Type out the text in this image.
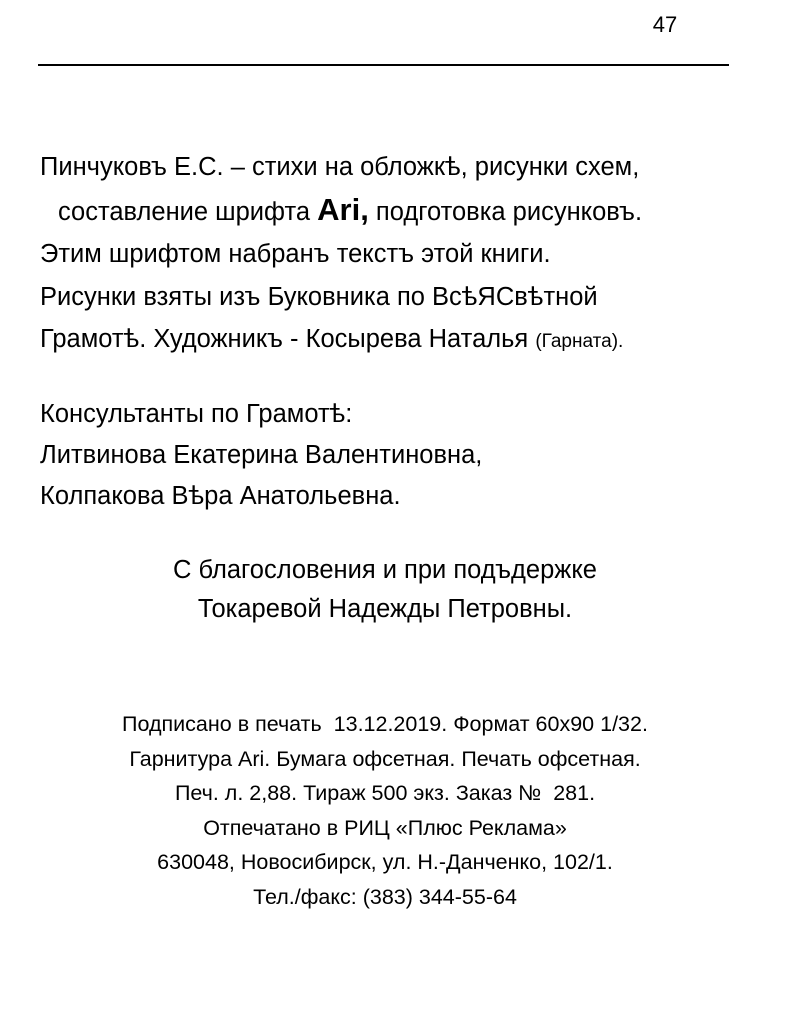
47
Пинчуковъ Е.С. – стихи на обложкѣ, рисунки схем,
составление шрифта Ari, подготовка рисунковъ.
Этим шрифтом набранъ текстъ этой книги.
Рисунки взяты изъ Буковника по ВсѣЯСвѣтной
Грамотѣ. Художникъ - Косырева Наталья (Гарната).
Консультанты по Грамотѣ:
Литвинова Екатерина Валентиновна,
Колпакова Вѣра Анатольевна.
С благословения и при подъдержке
Токаревой Надежды Петровны.
Подписано в печать  13.12.2019. Формат 60х90 1/32.
Гарнитура Ari. Бумага офсетная. Печать офсетная.
Печ. л. 2,88. Тираж 500 экз. Заказ №  281.
Отпечатано в РИЦ «Плюс Реклама»
630048, Новосибирск, ул. Н.-Данченко, 102/1.
Тел./факс: (383) 344-55-64
